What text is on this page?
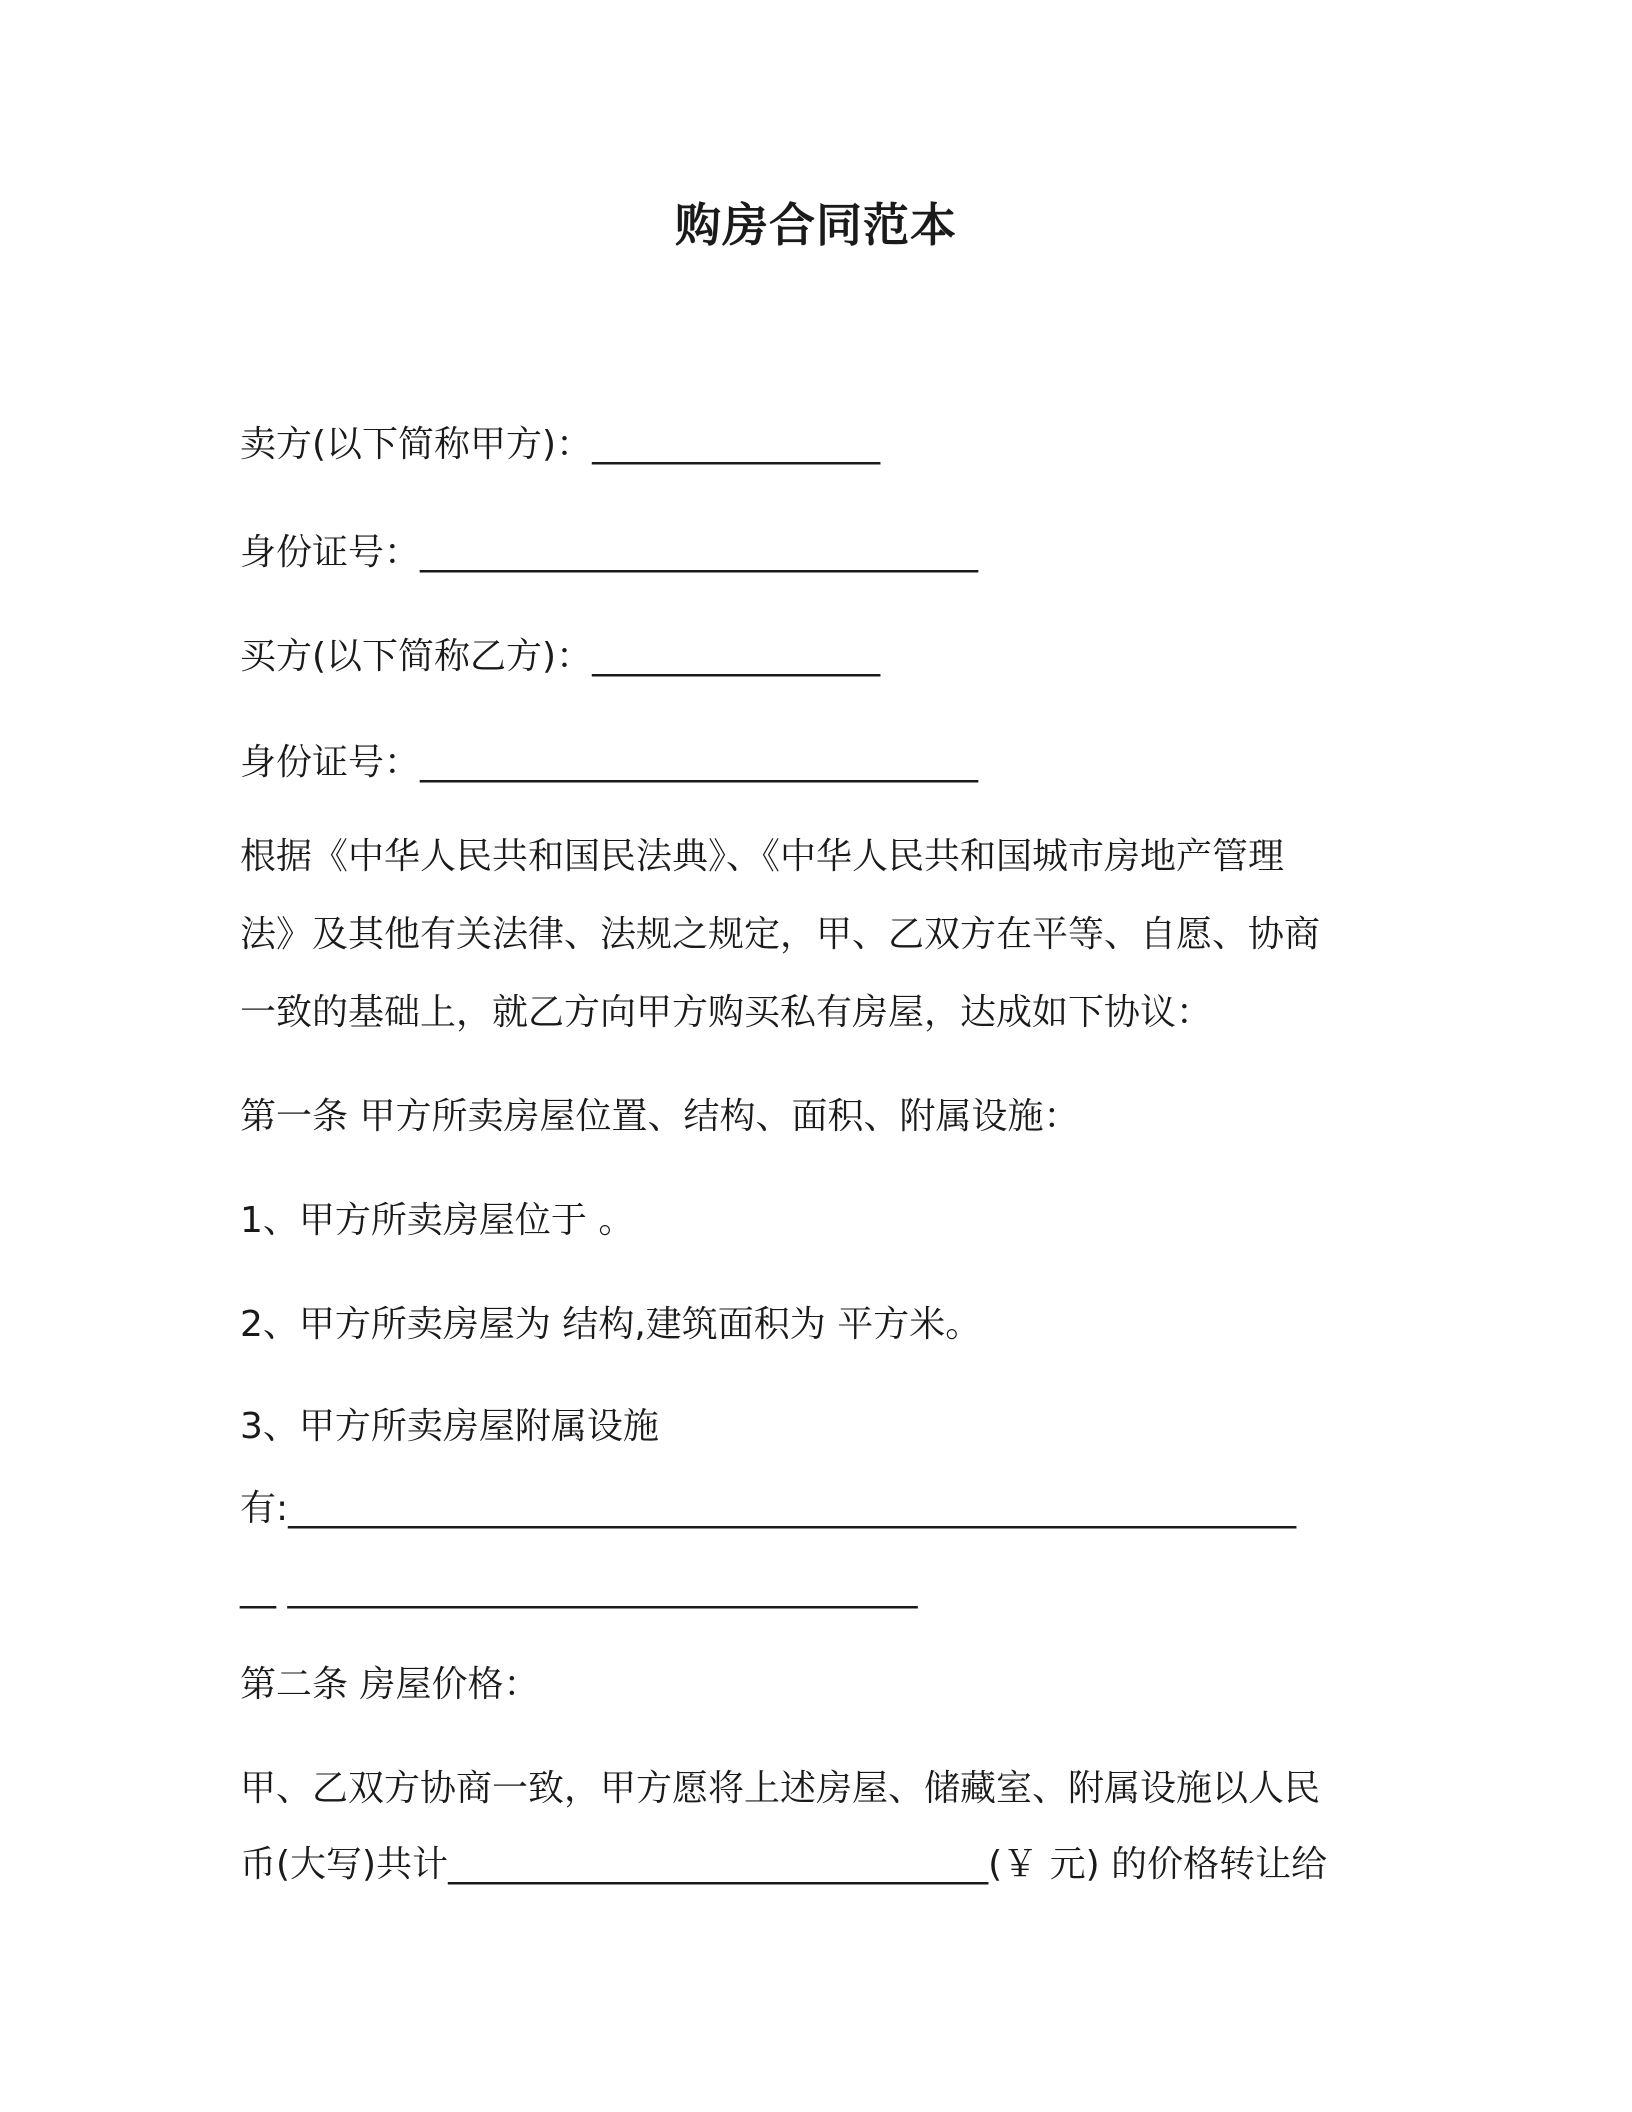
购房合同范本
卖方(以下简称甲方)：________________
身份证号：_______________________________
买方(以下简称乙方)：________________
身份证号：_______________________________
根据《中华人民共和国民法典》、《中华人民共和国城市房地产管理
法》及其他有关法律、法规之规定，甲、乙双方在平等、自愿、协商
一致的基础上，就乙方向甲方购买私有房屋，达成如下协议：
第一条 甲方所卖房屋位置、结构、面积、附属设施：
1、甲方所卖房屋位于 。
2、甲方所卖房屋为 结构,建筑面积为 平方米。
3、甲方所卖房屋附属设施
有:________________________________________________________
__ ___________________________________
第二条 房屋价格：
甲、乙双方协商一致，甲方愿将上述房屋、储藏室、附属设施以人民
币(大写)共计______________________________(￥ 元) 的价格转让给
